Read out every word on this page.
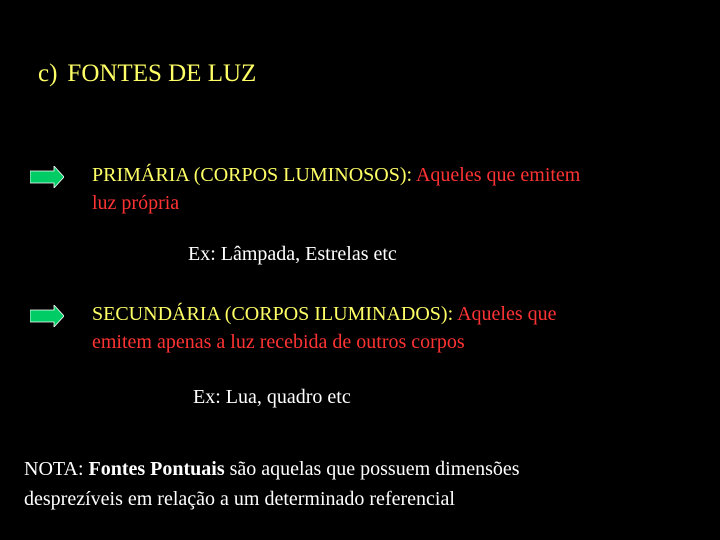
c) FONTES DE LUZ
PRIMÁRIA (CORPOS LUMINOSOS): Aqueles que emitem
luz própria
Ex: Lâmpada, Estrelas etc
SECUNDÁRIA (CORPOS ILUMINADOS): Aqueles que
emitem apenas a luz recebida de outros corpos
Ex: Lua, quadro etc
NOTA: Fontes Pontuais são aquelas que possuem dimensões
desprezíveis em relação a um determinado referencial
